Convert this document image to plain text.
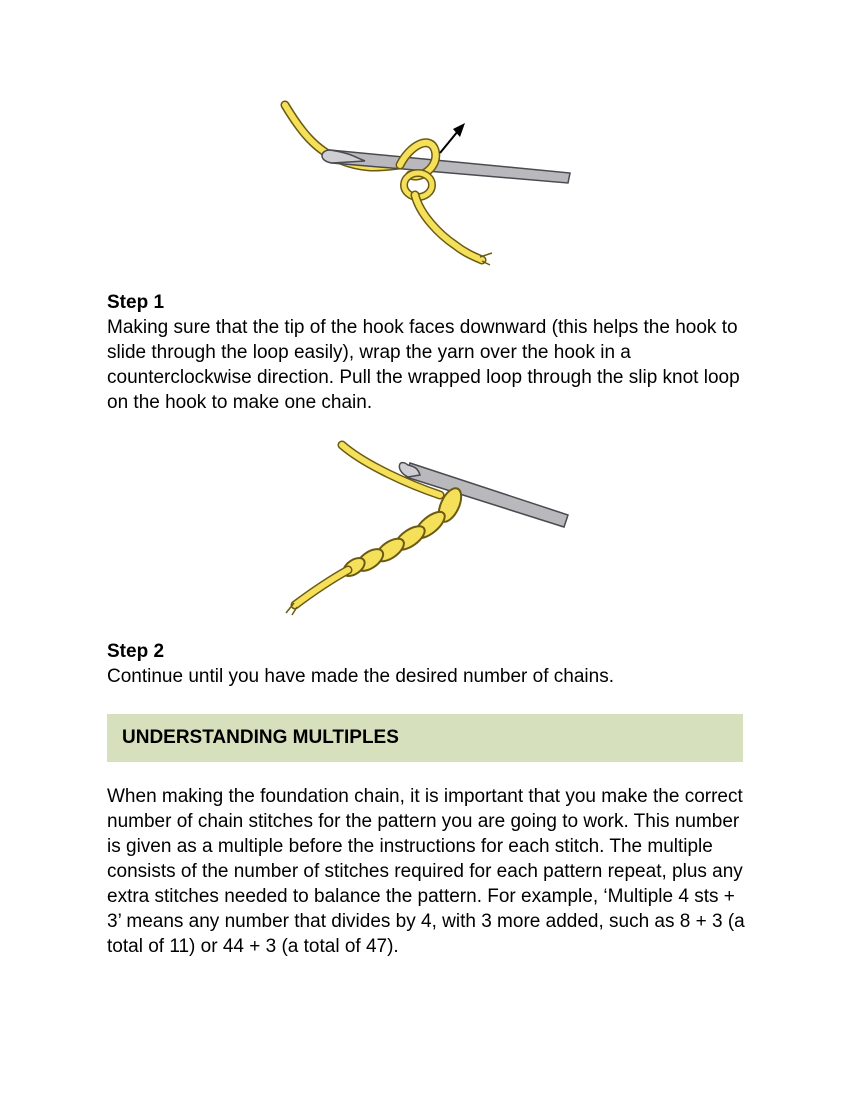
Step 1
Making sure that the tip of the hook faces downward (this helps the hook to slide through the loop easily), wrap the yarn over the hook in a counterclockwise direction. Pull the wrapped loop through the slip knot loop on the hook to make one chain.
Step 2
Continue until you have made the desired number of chains.
UNDERSTANDING MULTIPLES
When making the foundation chain, it is important that you make the correct number of chain stitches for the pattern you are going to work. This number is given as a multiple before the instructions for each stitch. The multiple consists of the number of stitches required for each pattern repeat, plus any extra stitches needed to balance the pattern. For example, ‘Multiple 4 sts + 3’ means any number that divides by 4, with 3 more added, such as 8 + 3 (a total of 11) or 44 + 3 (a total of 47).
